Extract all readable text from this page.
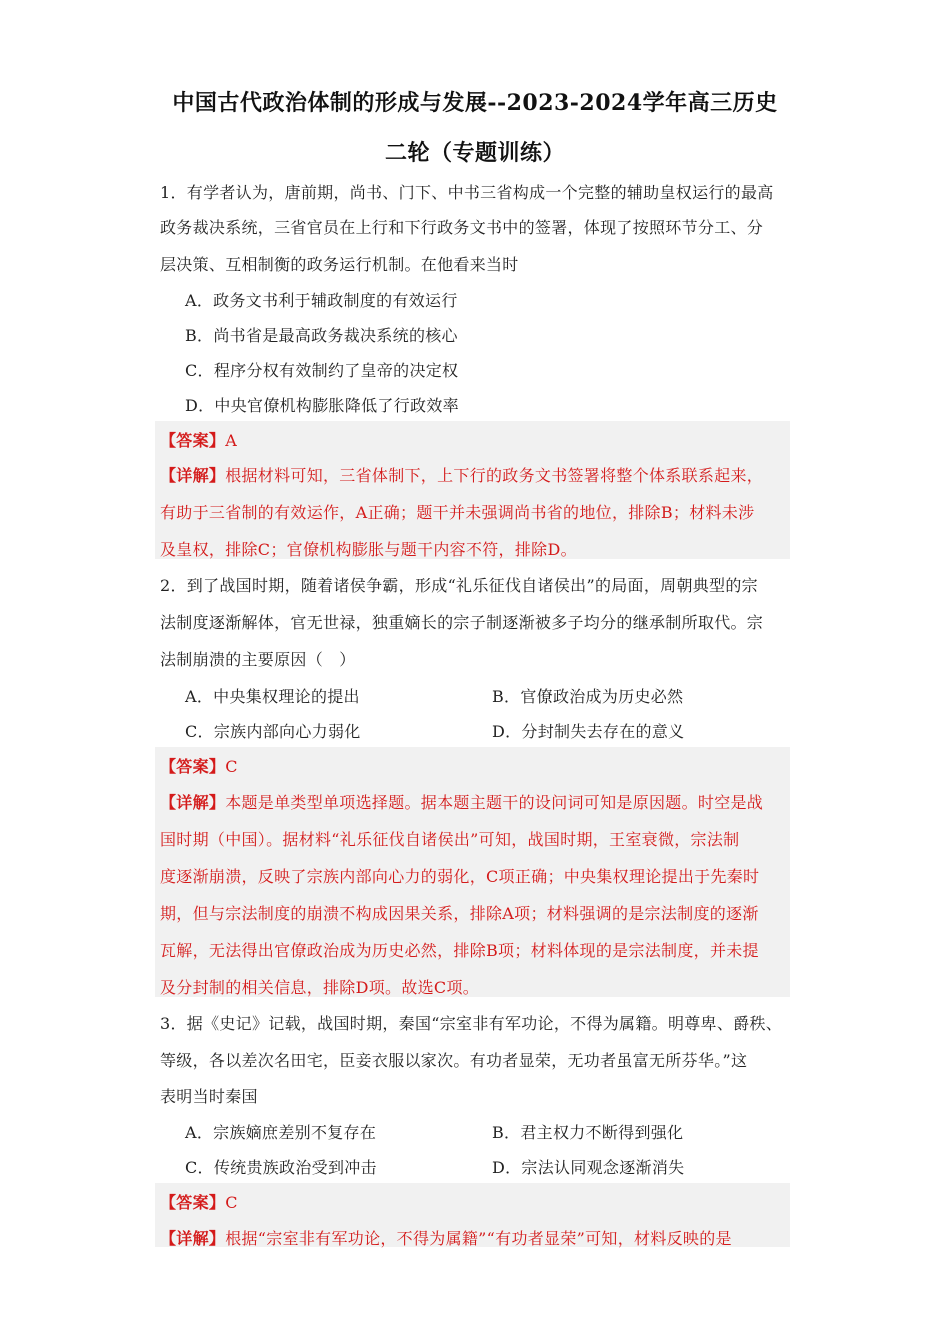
中国古代政治体制的形成与发展--2023-2024学年高三历史
二轮（专题训练）
1．有学者认为，唐前期，尚书、门下、中书三省构成一个完整的辅助皇权运行的最高
政务裁决系统，三省官员在上行和下行政务文书中的签署，体现了按照环节分工、分
层决策、互相制衡的政务运行机制。在他看来当时
A．政务文书利于辅政制度的有效运行
B．尚书省是最高政务裁决系统的核心
C．程序分权有效制约了皇帝的决定权
D．中央官僚机构膨胀降低了行政效率
【答案】A
【详解】根据材料可知，三省体制下，上下行的政务文书签署将整个体系联系起来，
有助于三省制的有效运作，A正确；题干并未强调尚书省的地位，排除B；材料未涉
及皇权，排除C；官僚机构膨胀与题干内容不符，排除D。
2．到了战国时期，随着诸侯争霸，形成“礼乐征伐自诸侯出”的局面，周朝典型的宗
法制度逐渐解体，官无世禄，独重嫡长的宗子制逐渐被多子均分的继承制所取代。宗
法制崩溃的主要原因（　）
A．中央集权理论的提出	B．官僚政治成为历史必然
C．宗族内部向心力弱化	D．分封制失去存在的意义
【答案】C
【详解】本题是单类型单项选择题。据本题主题干的设问词可知是原因题。时空是战
国时期（中国）。据材料“礼乐征伐自诸侯出”可知，战国时期，王室衰微，宗法制
度逐渐崩溃，反映了宗族内部向心力的弱化，C项正确；中央集权理论提出于先秦时
期，但与宗法制度的崩溃不构成因果关系，排除A项；材料强调的是宗法制度的逐渐
瓦解，无法得出官僚政治成为历史必然，排除B项；材料体现的是宗法制度，并未提
及分封制的相关信息，排除D项。故选C项。
3．据《史记》记载，战国时期，秦国“宗室非有军功论，不得为属籍。明尊卑、爵秩、
等级，各以差次名田宅，臣妾衣服以家次。有功者显荣，无功者虽富无所芬华。”这
表明当时秦国
A．宗族嫡庶差别不复存在	B．君主权力不断得到强化
C．传统贵族政治受到冲击	D．宗法认同观念逐渐消失
【答案】C
【详解】根据“宗室非有军功论，不得为属籍”“有功者显荣”可知，材料反映的是
